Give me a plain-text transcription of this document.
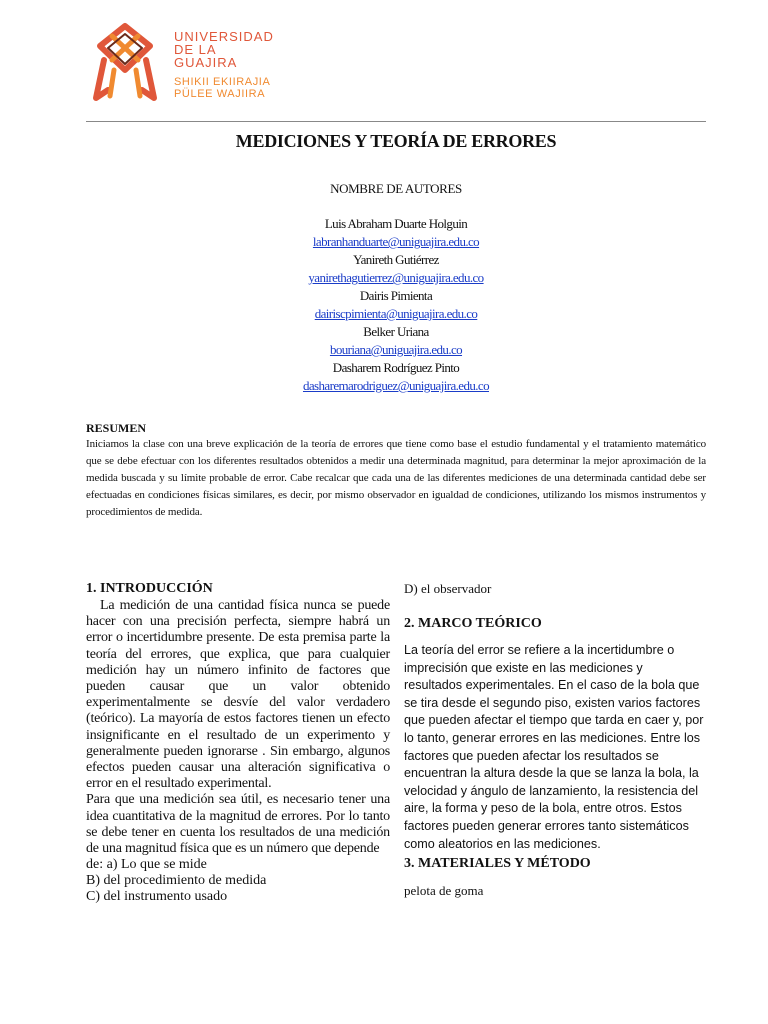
UNIVERSIDAD
DE LA GUAJIRA
SHIKII EKIIRAJIA
PÜLEE WAJIIRA
MEDICIONES Y TEORÍA DE ERRORES
NOMBRE DE AUTORES
Luis Abraham Duarte Holguin
labranhanduarte@uniguajira.edu.co
Yanireth Gutiérrez
yanirethagutierrez@uniguajira.edu.co
Dairis Pimienta
dairiscpimienta@uniguajira.edu.co
Belker Uriana
bouriana@uniguajira.edu.co
Dasharem Rodríguez Pinto
dasharemarodriguez@uniguajira.edu.co
RESUMEN

Iniciamos la clase con una breve explicación de la teoría de errores que tiene como base el estudio fundamental y el tratamiento matemático que se debe efectuar con los diferentes resultados obtenidos a medir una determinada magnitud, para determinar la mejor aproximación de la medida buscada y su límite probable de error. Cabe recalcar que cada una de las diferentes mediciones de una determinada cantidad debe ser efectuadas en condiciones físicas similares, es decir, por mismo observador en igualdad de condiciones, utilizando los mismos instrumentos y procedimientos de medida.

1. INTRODUCCIÓN

La medición de una cantidad física nunca se puede hacer con una precisión perfecta, siempre habrá un error o incertidumbre presente. De esta premisa parte la teoría del errores, que explica, que para cualquier medición hay un número infinito de factores que pueden causar que un valor obtenido experimentalmente se desvíe del valor verdadero (teórico). La mayoría de estos factores tienen un efecto insignificante en el resultado de un experimento y generalmente pueden ignorarse . Sin embargo, algunos efectos pueden causar una alteración significativa o error en el resultado experimental.

Para que una medición sea útil, es necesario tener una idea cuantitativa de la magnitud de errores. Por lo tanto se debe tener en cuenta los resultados de una medición de una magnitud física que es un número que depende

de: a) Lo que se mide
B) del procedimiento de medida
C) del instrumento usado
D) el observador
2. MARCO TEÓRICO

La teoría del error se refiere a la incertidumbre o imprecisión que existe en las mediciones y resultados experimentales. En el caso de la bola que se tira desde el segundo piso, existen varios factores que pueden afectar el tiempo que tarda en caer y, por lo tanto, generar errores en las mediciones. Entre los factores que pueden afectar los resultados se encuentran la altura desde la que se lanza la bola, la velocidad y ángulo de lanzamiento, la resistencia del aire, la forma y peso de la bola, entre otros. Estos factores pueden generar errores tanto sistemáticos como aleatorios en las mediciones.

3. MATERIALES Y MÉTODO
pelota de goma
